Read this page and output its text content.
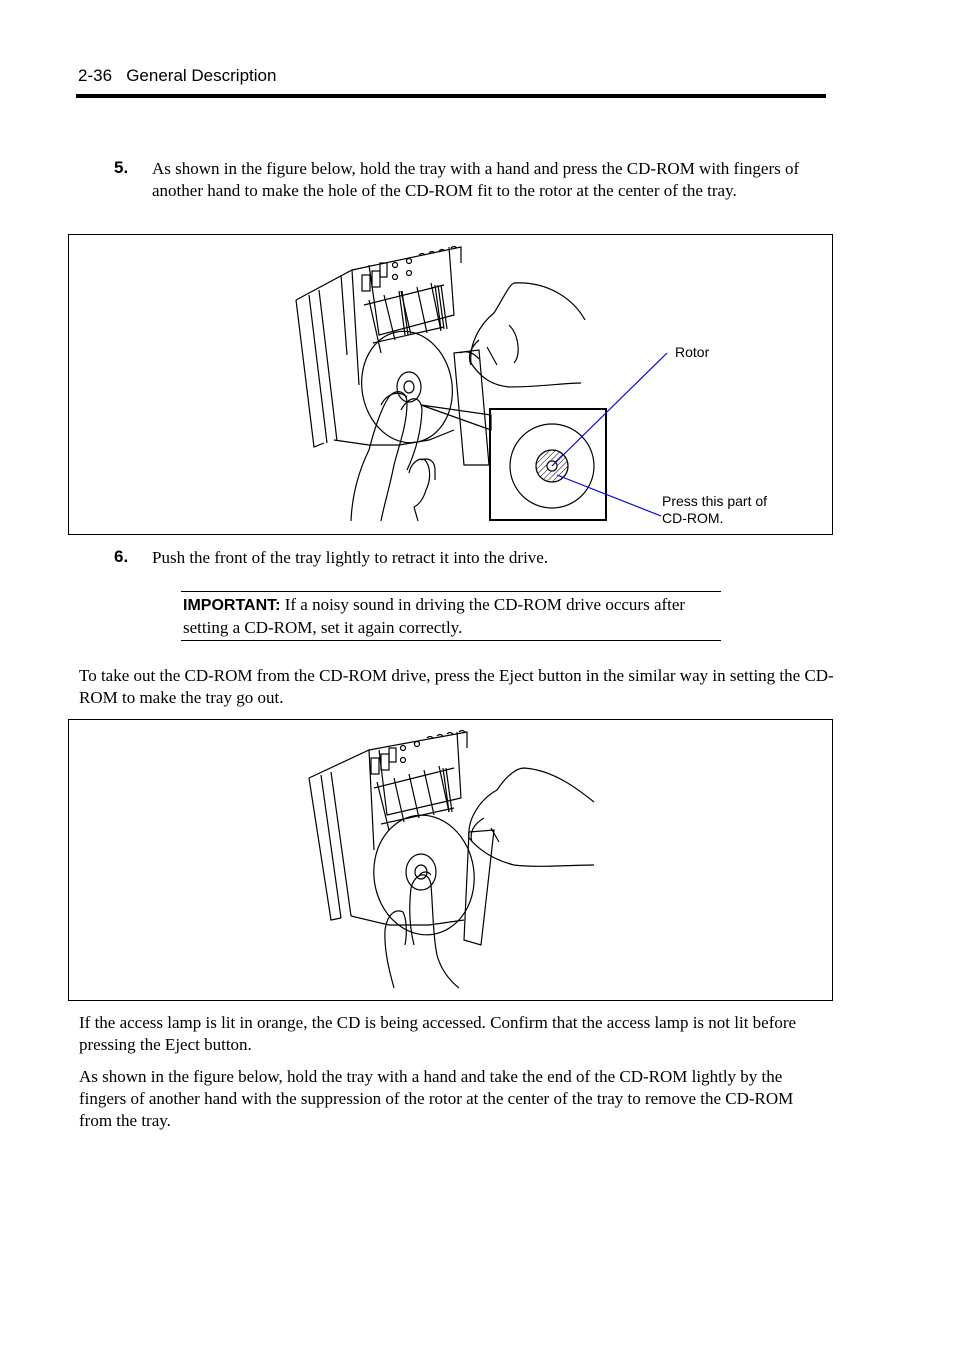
2-36 General Description
5. As shown in the figure below, hold the tray with a hand and press the CD-ROM with fingers of another hand to make the hole of the CD-ROM fit to the rotor at the center of the tray.
Rotor
Press this part of
CD-ROM.
6. Push the front of the tray lightly to retract it into the drive.
IMPORTANT: If a noisy sound in driving the CD-ROM drive occurs after setting a CD-ROM, set it again correctly.
To take out the CD-ROM from the CD-ROM drive, press the Eject button in the similar way in setting the CD-ROM to make the tray go out.
If the access lamp is lit in orange, the CD is being accessed. Confirm that the access lamp is not lit before pressing the Eject button.
As shown in the figure below, hold the tray with a hand and take the end of the CD-ROM lightly by the fingers of another hand with the suppression of the rotor at the center of the tray to remove the CD-ROM from the tray.
